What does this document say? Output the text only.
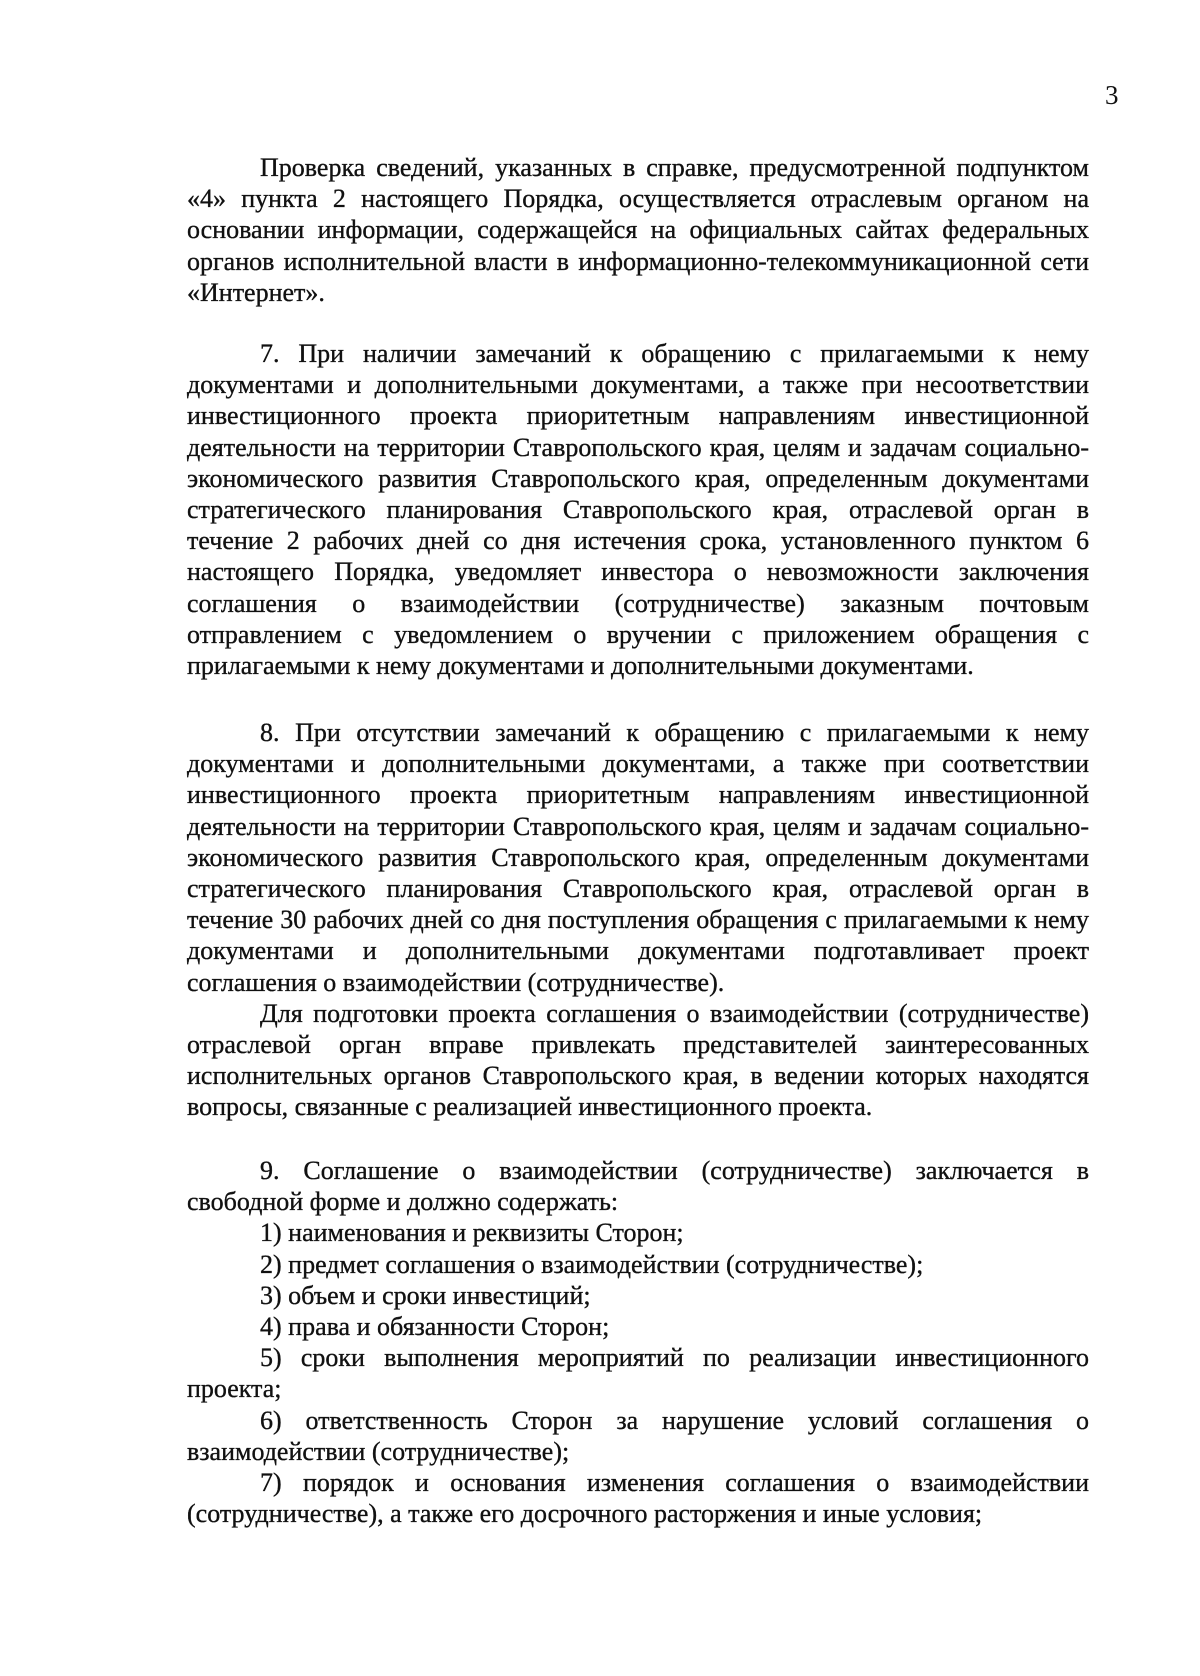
3

Проверка сведений, указанных в справке, предусмотренной подпунктом «4» пункта 2 настоящего Порядка, осуществляется отраслевым органом на основании информации, содержащейся на официальных сайтах федеральных органов исполнительной власти в информационно-телекоммуникационной сети «Интернет».

7. При наличии замечаний к обращению с прилагаемыми к нему документами и дополнительными документами, а также при несоответствии инвестиционного проекта приоритетным направлениям инвестиционной деятельности на территории Ставропольского края, целям и задачам социально-экономического развития Ставропольского края, определенным документами стратегического планирования Ставропольского края, отраслевой орган в течение 2 рабочих дней со дня истечения срока, установленного пунктом 6 настоящего Порядка, уведомляет инвестора о невозможности заключения соглашения о взаимодействии (сотрудничестве) заказным почтовым отправлением с уведомлением о вручении с приложением обращения с прилагаемыми к нему документами и дополнительными документами.

8. При отсутствии замечаний к обращению с прилагаемыми к нему документами и дополнительными документами, а также при соответствии инвестиционного проекта приоритетным направлениям инвестиционной деятельности на территории Ставропольского края, целям и задачам социально-экономического развития Ставропольского края, определенным документами стратегического планирования Ставропольского края, отраслевой орган в течение 30 рабочих дней со дня поступления обращения с прилагаемыми к нему документами и дополнительными документами подготавливает проект соглашения о взаимодействии (сотрудничестве).

Для подготовки проекта соглашения о взаимодействии (сотрудничестве) отраслевой орган вправе привлекать представителей заинтересованных исполнительных органов Ставропольского края, в ведении которых находятся вопросы, связанные с реализацией инвестиционного проекта.

9. Соглашение о взаимодействии (сотрудничестве) заключается в свободной форме и должно содержать:

1) наименования и реквизиты Сторон;

2) предмет соглашения о взаимодействии (сотрудничестве);

3) объем и сроки инвестиций;

4) права и обязанности Сторон;

5) сроки выполнения мероприятий по реализации инвестиционного проекта;

6) ответственность Сторон за нарушение условий соглашения о взаимодействии (сотрудничестве);

7) порядок и основания изменения соглашения о взаимодействии (сотрудничестве), а также его досрочного расторжения и иные условия;
